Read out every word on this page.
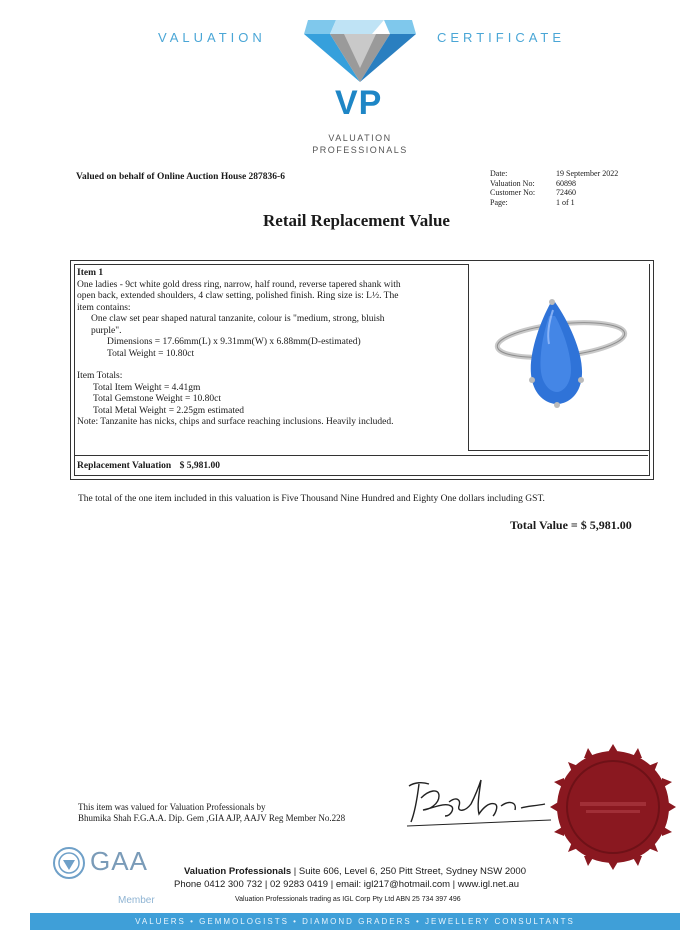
VALUATION	CERTIFICATE
VP
VALUATION
PROFESSIONALS
Valued on behalf of Online Auction House 287836-6	Date:
Valuation No:
Customer No:
Page:
19 September 2022
60898
72460
1 of 1
Retail Replacement Value
Item 1
One ladies - 9ct white gold dress ring, narrow, half round, reverse tapered shank with
open back, extended shoulders, 4 claw setting, polished finish. Ring size is: L½. The
item contains:
One claw set pear shaped natural tanzanite, colour is "medium, strong, bluish
purple".
Dimensions = 17.66mm(L) x 9.31mm(W) x 6.88mm(D-estimated)
Total Weight = 10.80ct
Item Totals:
Total Item Weight = 4.41gm
Total Gemstone Weight = 10.80ct
Total Metal Weight = 2.25gm estimated
Note: Tanzanite has nicks, chips and surface reaching inclusions. Heavily included.
Replacement Valuation $ 5,981.00
The total of the one item included in this valuation is Five Thousand Nine Hundred and Eighty One dollars including GST.
Total Value = $ 5,981.00
This item was valued for Valuation Professionals by
Bhumika Shah F.G.A.A. Dip. Gem ,GIA AJP, AAJV Reg Member No.228
GAA
Member
Valuation Professionals | Suite 606, Level 6, 250 Pitt Street, Sydney NSW 2000
Phone 0412 300 732 | 02 9283 0419 | email: igl217@hotmail.com | www.igl.net.au
Valuation Professionals trading as IGL Corp Pty Ltd ABN 25 734 397 496
VALUERS • GEMMOLOGISTS • DIAMOND GRADERS • JEWELLERY CONSULTANTS
